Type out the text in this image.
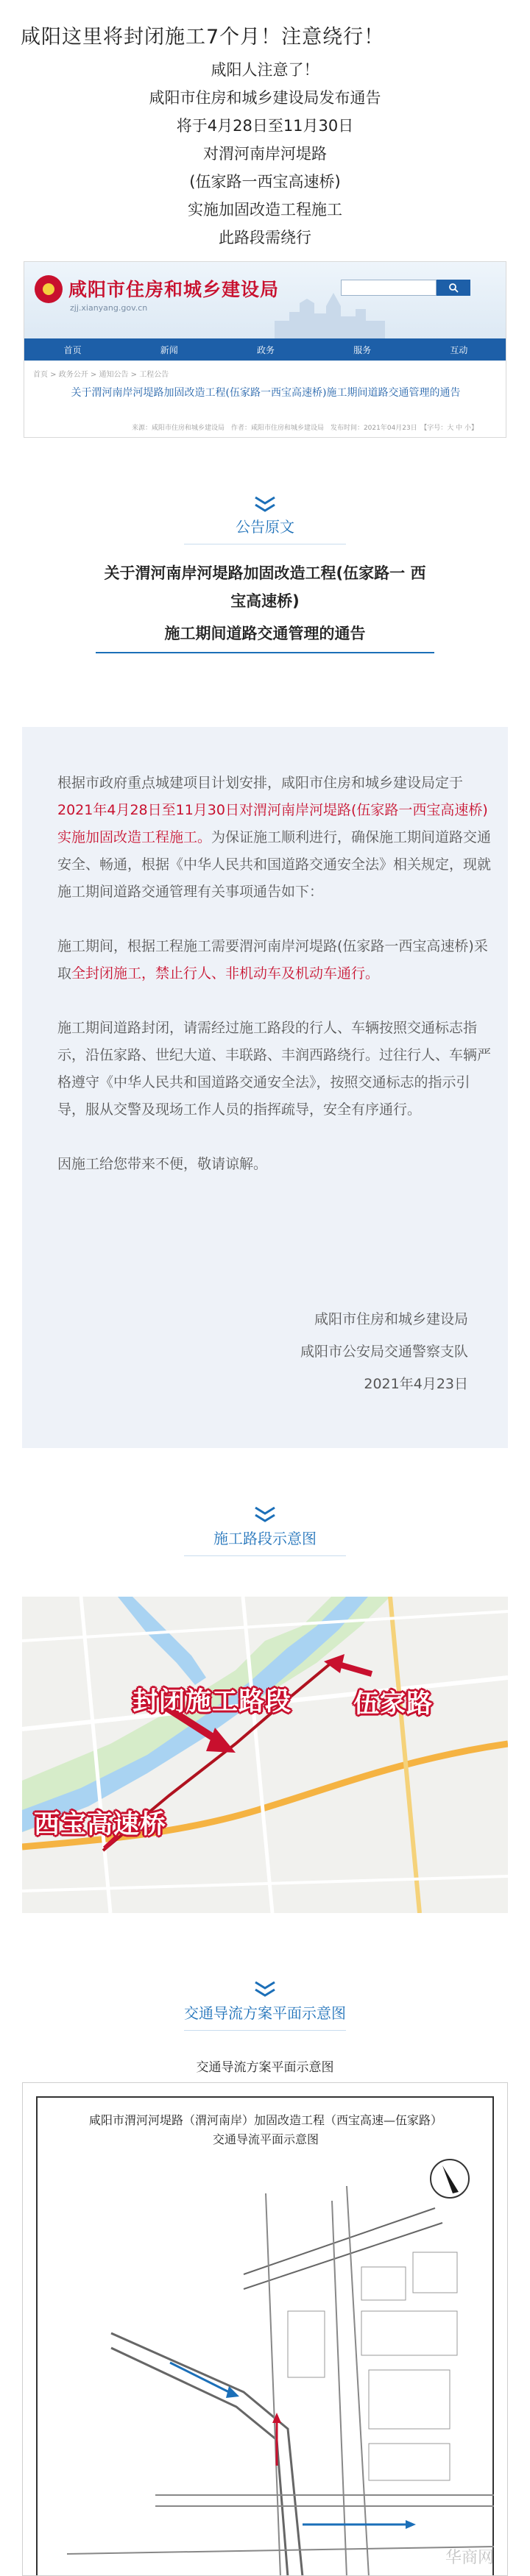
咸阳这里将封闭施工7个月！注意绕行！

咸阳人注意了！

咸阳市住房和城乡建设局发布通告

将于4月28日至11月30日

对渭河南岸河堤路

(伍家路一西宝高速桥)

实施加固改造工程施工

此路段需绕行

咸阳市住房和城乡建设局
zjj.xianyang.gov.cn
首页	新闻	政务	服务	互动
首页 > 政务公开 > 通知公告 > 工程公告
关于渭河南岸河堤路加固改造工程(伍家路一西宝高速桥)施工期间道路交通管理的通告
来源：咸阳市住房和城乡建设局　作者：咸阳市住房和城乡建设局　发布时间：2021年04月23日　【字号：大 中 小】
公告原文
关于渭河南岸河堤路加固改造工程(伍家路一 西
宝高速桥)
施工期间道路交通管理的通告

根据市政府重点城建项目计划安排，咸阳市住房和城乡建设局定于2021年4月28日至11月30日对渭河南岸河堤路(伍家路一西宝高速桥)实施加固改造工程施工。为保证施工顺利进行，确保施工期间道路交通安全、畅通，根据《中华人民共和国道路交通安全法》相关规定，现就施工期间道路交通管理有关事项通告如下：

施工期间，根据工程施工需要渭河南岸河堤路(伍家路一西宝高速桥)采取全封闭施工，禁止行人、非机动车及机动车通行。

施工期间道路封闭，请需经过施工路段的行人、车辆按照交通标志指示，沿伍家路、世纪大道、丰联路、丰润西路绕行。过往行人、车辆严格遵守《中华人民共和国道路交通安全法》，按照交通标志的指示引导，服从交警及现场工作人员的指挥疏导，安全有序通行。

因施工给您带来不便，敬请谅解。

咸阳市住房和城乡建设局
咸阳市公安局交通警察支队
2021年4月23日
施工路段示意图
封闭施工路段 伍家路
西宝高速桥
交通导流方案平面示意图
交通导流方案平面示意图
咸阳市渭河河堤路（渭河南岸）加固改造工程（西宝高速—伍家路）
交通导流平面示意图
华商网
